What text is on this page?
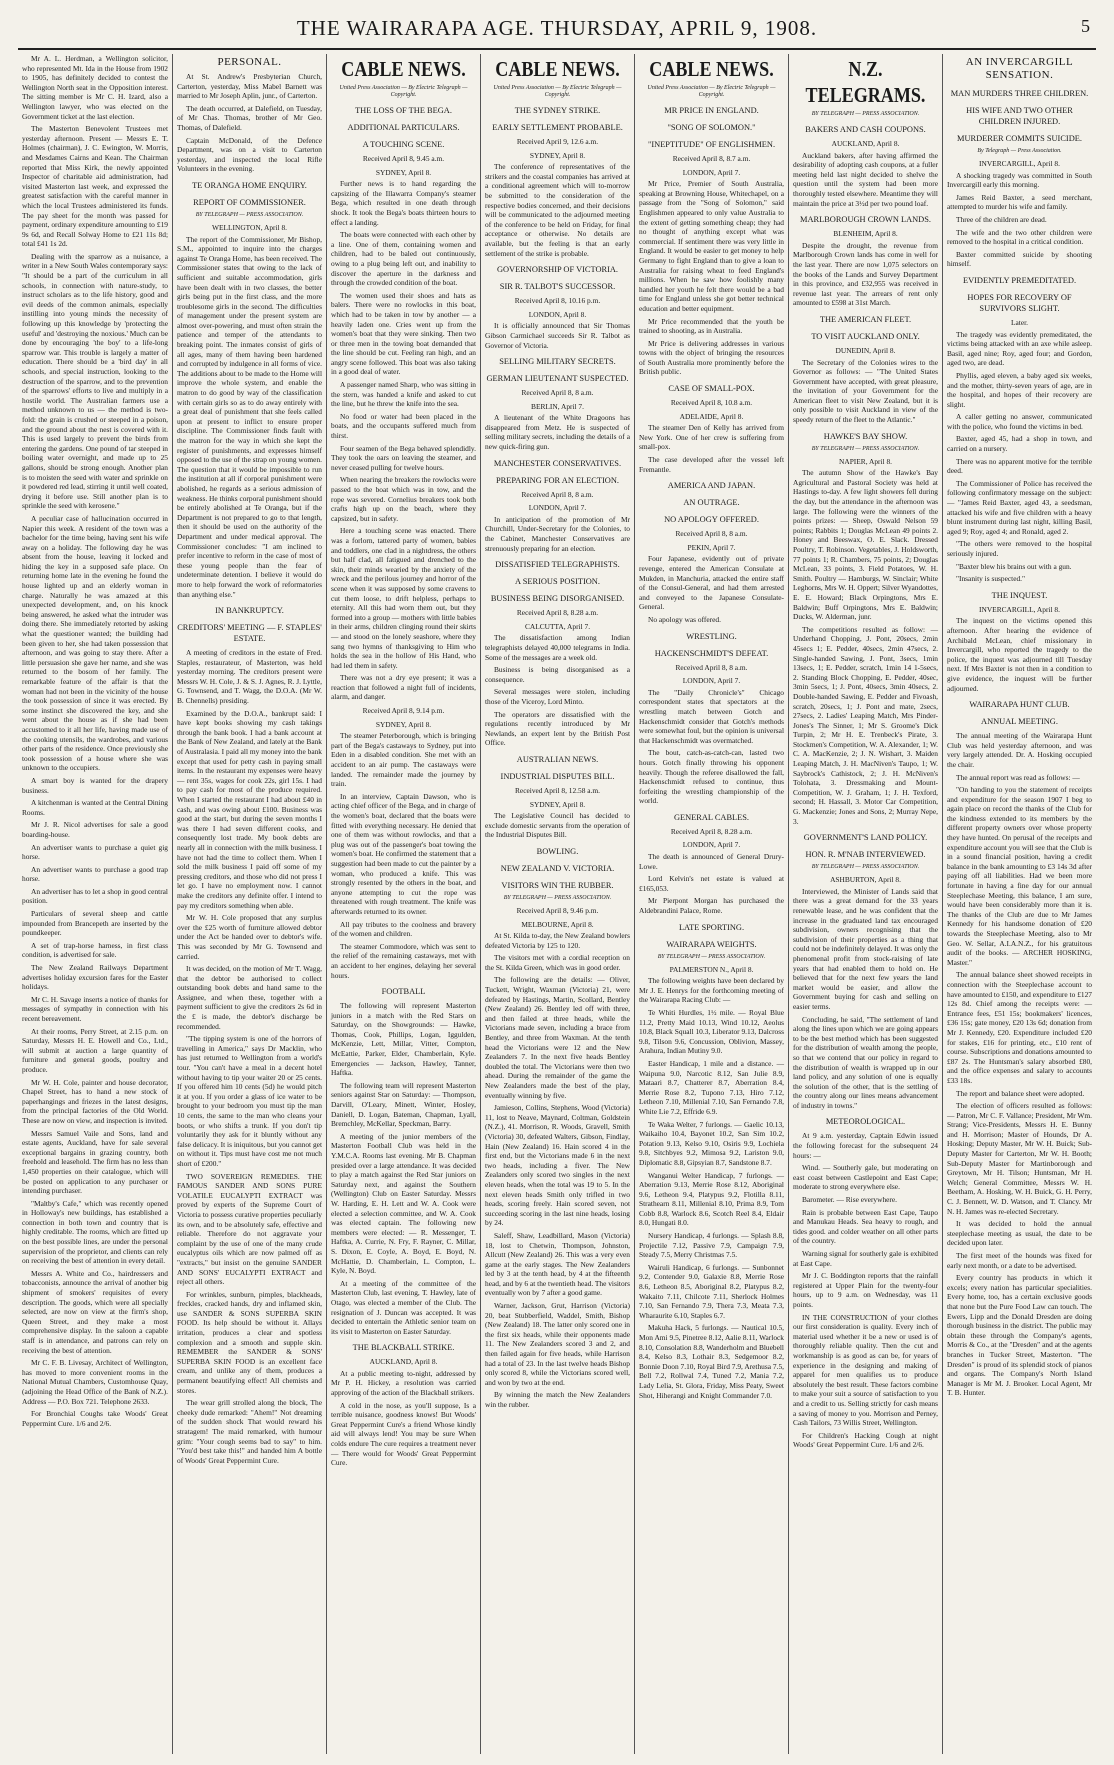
THE WAIRARAPA AGE. THURSDAY, APRIL 9, 1908.	5

Mr A. L. Herdman, a Wellington solicitor, who represented Mt. Ida in the House from 1902 to 1905, has definitely decided to contest the Wellington North seat in the Opposition interest. The sitting member is Mr C. H. Izard, also a Wellington lawyer, who was elected on the Government ticket at the last election.

The Masterton Benevolent Trustees met yesterday afternoon. Present — Messrs E. T. Holmes (chairman), J. C. Ewington, W. Morris, and Mesdames Cairns and Kean. The Chairman reported that Miss Kirk, the newly appointed Inspector of charitable aid administration, had visited Masterton last week, and expressed the greatest satisfaction with the careful manner in which the local Trustees administered its funds. The pay sheet for the month was passed for payment, ordinary expenditure amounting to £19 9s 6d, and Recall Solway Home to £21 11s 8d; total £41 1s 2d.

Dealing with the sparrow as a nuisance, a writer in a New South Wales contemporary says: "It should be a part of the curriculum in all schools, in connection with nature-study, to instruct scholars as to the life history, good and evil deeds of the common animals, especially instilling into young minds the necessity of following up this knowledge by 'protecting the useful' and 'destroying the noxious.' Much can be done by encouraging 'the boy' to a life-long sparrow war. This trouble is largely a matter of education. There should be a 'bird day' in all schools, and special instruction, looking to the destruction of the sparrow, and to the prevention of the sparrows' efforts to live and multiply in a hostile world. The Australian farmers use a method unknown to us — the method is two-fold: the grain is crushed or steeped in a poison, and the ground about the nest is covered with it. This is used largely to prevent the birds from entering the gardens. One pound of tar steeped in boiling water overnight, and made up to 25 gallons, should be strong enough. Another plan is to moisten the seed with water and sprinkle on it powdered red lead, stirring it until well coated, drying it before use. Still another plan is to sprinkle the seed with kerosene."

A peculiar case of hallucination occurred in Napier this week. A resident of the town was a bachelor for the time being, having sent his wife away on a holiday. The following day he was absent from the house, leaving it locked and hiding the key in a supposed safe place. On returning home late in the evening he found the house lighted up and an elderly woman in charge. Naturally he was amazed at this unexpected development, and, on his knock being answered, he asked what the intruder was doing there. She immediately retorted by asking what the questioner wanted; the building had been given to her, she had taken possession that afternoon, and was going to stay there. After a little persuasion she gave her name, and she was returned to the bosom of her family. The remarkable feature of the affair is that the woman had not been in the vicinity of the house the took possession of since it was erected. By some instinct she discovered the key, and she went about the house as if she had been accustomed to it all her life, having made use of the cooking utensils, the wardrobes, and various other parts of the residence. Once previously she took possession of a house where she was unknown to the occupiers.

A smart boy is wanted for the drapery business.

A kitchenman is wanted at the Central Dining Rooms.

Mr J. R. Nicol advertises for sale a good boarding-house.

An advertiser wants to purchase a quiet gig horse.

An advertiser wants to purchase a good trap horse.

An advertiser has to let a shop in good central position.

Particulars of several sheep and cattle impounded from Brancepeth are inserted by the poundkeeper.

A set of trap-horse harness, in first class condition, is advertised for sale.

The New Zealand Railways Department advertises holiday excursion fares for the Easter holidays.

Mr C. H. Savage inserts a notice of thanks for messages of sympathy in connection with his recent bereavement.

At their rooms, Perry Street, at 2.15 p.m. on Saturday, Messrs H. E. Howell and Co., Ltd., will submit at auction a large quantity of furniture and general goods, poultry and produce.

Mr W. H. Cole, painter and house decorator, Chapel Street, has to hand a new stock of paperhangings and friezes in the latest designs, from the principal factories of the Old World. These are now on view, and inspection is invited.

Messrs Samuel Vaile and Sons, land and estate agents, Auckland, have for sale several exceptional bargains in grazing country, both freehold and leasehold. The firm has no less than 1,450 properties on their catalogue, which will be posted on application to any purchaser or intending purchaser.

"Maltby's Cafe," which was recently opened in Holloway's new buildings, has established a connection in both town and country that is highly creditable. The rooms, which are fitted up on the best possible lines, are under the personal supervision of the proprietor, and clients can rely on receiving the best of attention in every detail.

Messrs A. White and Co., hairdressers and tobacconists, announce the arrival of another big shipment of smokers' requisites of every description. The goods, which were all specially selected, are now on view at the firm's shop, Queen Street, and they make a most comprehensive display. In the saloon a capable staff is in attendance, and patrons can rely on receiving the best of attention.

Mr C. F. B. Livesay, Architect of Wellington, has moved to more convenient rooms in the National Mutual Chambers, Customhouse Quay, (adjoining the Head Office of the Bank of N.Z.). Address — P.O. Box 721. Telephone 2633.

For Bronchial Coughs take Woods' Great Peppermint Cure. 1/6 and 2/6.

PERSONAL.

At St. Andrew's Presbyterian Church, Carterton, yesterday, Miss Mabel Barnett was married to Mr Joseph Aplin, junr., of Carterton.

The death occurred, at Dalefield, on Tuesday, of Mr Chas. Thomas, brother of Mr Geo. Thomas, of Dalefield.

Captain McDonald, of the Defence Department, was on a visit to Carterton yesterday, and inspected the local Rifle Volunteers in the evening.

TE ORANGA HOME ENQUIRY.
REPORT OF COMMISSIONER.
BY TELEGRAPH — PRESS ASSOCIATION.
WELLINGTON, April 8.

The report of the Commissioner, Mr Bishop, S.M., appointed to inquire into the charges against Te Oranga Home, has been received. The Commissioner states that owing to the lack of sufficient and suitable accommodation, girls have been dealt with in two classes, the better girls being put in the first class, and the more troublesome girls in the second. The difficulties of management under the present system are almost over-powering, and must often strain the patience and temper of the attendants to breaking point. The inmates consist of girls of all ages, many of them having been hardened and corrupted by indulgence in all forms of vice. The additions about to be made to the Home will improve the whole system, and enable the matron to do good by way of the classification with certain girls so as to do away entirely with a great deal of punishment that she feels called upon at present to inflict to ensure proper discipline. The Commissioner finds fault with the matron for the way in which she kept the register of punishments, and expresses himself opposed to the use of the strap on young women. The question that it would be impossible to run the institution at all if corporal punishment were abolished, he regards as a serious admission of weakness. He thinks corporal punishment should be entirely abolished at Te Oranga, but if the Department is not prepared to go to that length, then it should be used on the authority of the Department and under medical approval. The Commissioner concludes: "I am inclined to prefer incentive to reform in the case of most of these young people than the fear of undeterminate detention. I believe it would do more to help forward the work of reformatories than anything else."

IN BANKRUPTCY.
CREDITORS' MEETING — F. STAPLES' ESTATE.

A meeting of creditors in the estate of Fred. Staples, restaurateur, of Masterton, was held yesterday morning. The creditors present were Messrs W. H. Cole, J. & S. J. Agnes, R. J. Lyttle, G. Townsend, and T. Wagg, the D.O.A. (Mr W. B. Chennells) presiding.

Examined by the D.O.A., bankrupt said: I have kept books showing my cash takings through the bank book. I had a bank account at the Bank of New Zealand, and lately at the Bank of Australasia. I paid all my money into the bank except that used for petty cash in paying small items. In the restaurant my expenses were heavy — rent 35s, wages for cook 22s, girl 15s. I had to pay cash for most of the produce required. When I started the restaurant I had about £40 in cash, and was owing about £100. Business was good at the start, but during the seven months I was there I had seven different cooks, and consequently lost trade. My book debts are nearly all in connection with the milk business. I have not had the time to collect them. When I sold the milk business I paid off some of my pressing creditors, and those who did not press I let go. I have no employment now. I cannot make the creditors any definite offer. I intend to pay my creditors something when able.

Mr W. H. Cole proposed that any surplus over the £25 worth of furniture allowed debtor under the Act be handed over to debtor's wife. This was seconded by Mr G. Townsend and carried.

It was decided, on the motion of Mr T. Wagg, that the debtor be authorised to collect outstanding book debts and hand same to the Assignee, and when these, together with a payment sufficient to give the creditors 2s 6d in the £ is made, the debtor's discharge be recommended.

"The tipping system is one of the horrors of travelling in America," says Dr Macklin, who has just returned to Wellington from a world's tour. "You can't have a meal in a decent hotel without having to tip your waiter 20 or 25 cents. If you offered him 10 cents (5d) he would pitch it at you. If you order a glass of ice water to be brought to your bedroom you must tip the man 10 cents, the same to the man who cleans your boots, or who shifts a trunk. If you don't tip voluntarily they ask for it bluntly without any false delicacy. It is iniquitous, but you cannot get on without it. Tips must have cost me not much short of £200."

TWO SOVEREIGN REMEDIES. THE FAMOUS SANDER AND SONS PURE VOLATILE EUCALYPTI EXTRACT was proved by experts of the Supreme Court of Victoria to possess curative properties peculiarly its own, and to be absolutely safe, effective and reliable. Therefore do not aggravate your complaint by the use of one of the many crude eucalyptus oils which are now palmed off as "extracts," but insist on the genuine SANDER AND SONS' EUCALYPTI EXTRACT and reject all others.

For wrinkles, sunburn, pimples, blackheads, freckles, cracked hands, dry and inflamed skin, use SANDER & SONS SUPERBA SKIN FOOD. Its help should be without it. Allays irritation, produces a clear and spotless complexion and a smooth and supple skin. REMEMBER the SANDER & SONS' SUPERBA SKIN FOOD is an excellent face cream, and unlike any of them, produces a permanent beautifying effect! All chemists and stores.

The wear grill strolled along the block, The cheeky dude remarked: "Ahem!" Not dreaming of the sudden shock That would reward his stratagem! The maid remarked, with humour grim: "Your cough seems bad to say" to him. "You'd best take this!" and handed him A bottle of Woods' Great Peppermint Cure.

CABLE NEWS.
United Press Association — By Electric Telegraph — Copyright.
THE LOSS OF THE BEGA.
ADDITIONAL PARTICULARS.
A TOUCHING SCENE.
Received April 8, 9.45 a.m.
SYDNEY, April 8.

Further news is to hand regarding the capsizing of the Illawarra Company's steamer Bega, which resulted in one death through shock. It took the Bega's boats thirteen hours to effect a landing.

The boats were connected with each other by a line. One of them, containing women and children, had to be baled out continuously, owing to a plug being left out, and inability to discover the aperture in the darkness and through the crowded condition of the boat.

The women used their shoes and hats as balers. There were no rowlocks in this boat, which had to be taken in tow by another — a heavily laden one. Cries went up from the women's boat that they were sinking. Then two or three men in the towing boat demanded that the line should be cut. Feeling ran high, and an angry scene followed. This boat was also taking in a good deal of water.

A passenger named Sharp, who was sitting in the stern, was handed a knife and asked to cut the line, but he threw the knife into the sea.

No food or water had been placed in the boats, and the occupants suffered much from thirst.

Four seamen of the Bega behaved splendidly. They took the oars on leaving the steamer, and never ceased pulling for twelve hours.

When nearing the breakers the rowlocks were passed to the boat which was in tow, and the rope was severed. Cornelius breakers took both crafts high up on the beach, where they capsized, but in safety.

Here a touching scene was enacted. There was a forlorn, tattered party of women, babies and toddlers, one clad in a nightdress, the others but half clad, all fatigued and drenched to the skin, their minds wearied by the anxiety of the wreck and the perilous journey and horror of the scene when it was supposed by some cravens to cut them loose, to drift helpless, perhaps to eternity. All this had worn them out, but they formed into a group — mothers with little babies in their arms, children clinging round their skirts — and stood on the lonely seashore, where they sang two hymns of thanksgiving to Him who holds the sea in the hollow of His Hand, who had led them in safety.

There was not a dry eye present; it was a reaction that followed a night full of incidents, alarm, and danger.

Received April 8, 9.14 p.m.
SYDNEY, April 8.

The steamer Peterborough, which is bringing part of the Bega's castaways to Sydney, put into Eden in a disabled condition. She met with an accident to an air pump. The castaways were landed. The remainder made the journey by train.

In an interview, Captain Dawson, who is acting chief officer of the Bega, and in charge of the women's boat, declared that the boats were fitted with everything necessary. He denied that one of them was without rowlocks, and that a plug was out of the passenger's boat towing the women's boat. He confirmed the statement that a suggestion had been made to cut the painter by a woman, who produced a knife. This was strongly resented by the others in the boat, and anyone attempting to cut the rope was threatened with rough treatment. The knife was afterwards returned to its owner.

All pay tributes to the coolness and bravery of the women and children.

The steamer Commodore, which was sent to the relief of the remaining castaways, met with an accident to her engines, delaying her several hours.

FOOTBALL

The following will represent Masterton juniors in a match with the Red Stars on Saturday, on the Showgrounds: — Hawke, Thomas, Cook, Phillips, Logan, Iggulden, McKenzie, Lett, Millar, Vitter, Compton, McEattie, Parker, Elder, Chamberlain, Kyle. Emergencies — Jackson, Hawley, Tanner, Haftka.

The following team will represent Masterton seniors against Star on Saturday: — Thompson, Darvill, O'Leary, Minett, Winter, Hosley, Daniell, D. Logan, Bateman, Chapman, Lyall, Bremchley, McKellar, Speckman, Barry.

A meeting of the junior members of the Masterton Football Club was held in the Y.M.C.A. Rooms last evening. Mr B. Chapman presided over a large attendance. It was decided to play a match against the Red Star juniors on Saturday next, and against the Southern (Wellington) Club on Easter Saturday. Messrs W. Harding, E. H. Lett and W. A. Cook were elected a selection committee, and W. A. Cook was elected captain. The following new members were elected: — R. Messenger, T. Haftka, A. Currie, N. Fry, F. Rayner, C. Millar, S. Dixon, E. Coyle, A. Boyd, E. Boyd, N. McHattie, D. Chamberlain, L. Compton, L. Kyle, N. Boyd.

At a meeting of the committee of the Masterton Club, last evening, T. Hawley, late of Otago, was elected a member of the Club. The resignation of J. Duncan was accepted. It was decided to entertain the Athletic senior team on its visit to Masterton on Easter Saturday.

THE BLACKBALL STRIKE.
AUCKLAND, April 8.

At a public meeting to-night, addressed by Mr P. H. Hickey, a resolution was carried approving of the action of the Blackball strikers.

A cold in the nose, as you'll suppose, Is a terrible nuisance, goodness knows! But Woods' Great Peppermint Cure's a friend Whose kindly aid will always lend! You may be sure When colds endure The cure requires a treatment never — There would for Woods' Great Peppermint Cure.

CABLE NEWS.
United Press Association — By Electric Telegraph — Copyright.
THE SYDNEY STRIKE.
EARLY SETTLEMENT PROBABLE.
Received April 9, 12.6 a.m.
SYDNEY, April 8.

The conference of representatives of the strikers and the coastal companies has arrived at a conditional agreement which will to-morrow be submitted to the consideration of the respective bodies concerned, and their decisions will be communicated to the adjourned meeting of the conference to be held on Friday, for final acceptance or otherwise. No details are available, but the feeling is that an early settlement of the strike is probable.

GOVERNORSHIP OF VICTORIA.
SIR R. TALBOT'S SUCCESSOR.
Received April 8, 10.16 p.m.
LONDON, April 8.

It is officially announced that Sir Thomas Gibson Carmichael succeeds Sir R. Talbot as Governor of Victoria.

SELLING MILITARY SECRETS.
GERMAN LIEUTENANT SUSPECTED.
Received April 8, 8 a.m.
BERLIN, April 7.

A lieutenant of the White Dragoons has disappeared from Metz. He is suspected of selling military secrets, including the details of a new quick-firing gun.

MANCHESTER CONSERVATIVES.
PREPARING FOR AN ELECTION.
Received April 8, 8 a.m.
LONDON, April 7.

In anticipation of the promotion of Mr Churchill, Under-Secretary for the Colonies, to the Cabinet, Manchester Conservatives are strenuously preparing for an election.

DISSATISFIED TELEGRAPHISTS.
A SERIOUS POSITION.
BUSINESS BEING DISORGANISED.
Received April 8, 8.28 a.m.
CALCUTTA, April 7.

The dissatisfaction among Indian telegraphists delayed 40,000 telegrams in India. Some of the messages are a week old.

Business is being disorganised as a consequence.

Several messages were stolen, including those of the Viceroy, Lord Minto.

The operators are dissatisfied with the regulations recently introduced by Mr Newlands, an expert lent by the British Post Office.

AUSTRALIAN NEWS.
INDUSTRIAL DISPUTES BILL.
Received April 8, 12.58 a.m.
SYDNEY, April 8.

The Legislative Council has decided to exclude domestic servants from the operation of the Industrial Disputes Bill.

BOWLING.
NEW ZEALAND V. VICTORIA.
VISITORS WIN THE RUBBER.
BY TELEGRAPH — PRESS ASSOCIATION.
Received April 8, 9.46 p.m.
MELBOURNE, April 8.

At St. Kilda to-day, the New Zealand bowlers defeated Victoria by 125 to 120.

The visitors met with a cordial reception on the St. Kilda Green, which was in good order.

The following are the details: — Oliver, Tuckett, Wright, Waxman (Victoria) 21, were defeated by Hastings, Martin, Scollard, Bentley (New Zealand) 26. Bentley led off with three, and then failed at three heads, while the Victorians made seven, including a brace from Bentley, and three from Waxman. At the tenth head the Victorians were 12 and the New Zealanders 7. In the next five heads Bentley doubled the total. The Victorians were then two ahead. During the remainder of the game the New Zealanders made the best of the play, eventually winning by five.

Jamieson, Collins, Stephens, Wood (Victoria) 11, lost to Neave, Maynard, Coltman, Goldstein (N.Z.), 41. Morrison, R. Woods, Gravell, Smith (Victoria) 30, defeated Walters, Gibson, Findlay, Hain (New Zealand) 16. Hain scored 4 in the first end, but the Victorians made 6 in the next two heads, including a fiver. The New Zealanders only scored two singles in the next eleven heads, when the total was 19 to 5. In the next eleven heads Smith only trifled in two heads, scoring freely. Hain scored seven, not succeeding scoring in the last nine heads, losing by 24.

Saleff, Shaw, Leadbillard, Mason (Victoria) 18, lost to Chetwin, Thompson, Johnston, Allcutt (New Zealand) 26. This was a very even game at the early stages. The New Zealanders led by 3 at the tenth head, by 4 at the fifteenth head, and by 6 at the twentieth head. The visitors eventually won by 7 after a good game.

Warner, Jackson, Grut, Harrison (Victoria) 20, beat Stubberfield, Waddel, Smith, Bishop (New Zealand) 18. The latter only scored one in the first six heads, while their opponents made 11. The New Zealanders scored 3 and 2, and then failed again for five heads, while Harrison had a total of 23. In the last twelve heads Bishop only scored 8, while the Victorians scored well, and won by two at the end.

By winning the match the New Zealanders win the rubber.

CABLE NEWS.
United Press Association — By Electric Telegraph — Copyright.
MR PRICE IN ENGLAND.
"SONG OF SOLOMON."
"INEPTITUDE" OF ENGLISHMEN.
Received April 8, 8.7 a.m.
LONDON, April 7.

Mr Price, Premier of South Australia, speaking at Browning House, Whitechapel, on a passage from the "Song of Solomon," said Englishmen appeared to only value Australia to the extent of getting something cheap; they had no thought of anything except what was commercial. If sentiment there was very little in England. It would be easier to get money to help Germany to fight England than to give a loan to Australia for raising wheat to feed England's millions. When he saw how foolishly many handled her youth he felt there would be a bad time for England unless she got better technical education and better equipment.

Mr Price recommended that the youth be trained to shooting, as in Australia.

Mr Price is delivering addresses in various towns with the object of bringing the resources of South Australia more prominently before the British public.

CASE OF SMALL-POX.
Received April 8, 10.8 a.m.
ADELAIDE, April 8.

The steamer Den of Kelly has arrived from New York. One of her crew is suffering from small-pox.

The case developed after the vessel left Fremantle.

AMERICA AND JAPAN.
AN OUTRAGE.
NO APOLOGY OFFERED.
Received April 8, 8 a.m.
PEKIN, April 7.

Four Japanese, evidently out of private revenge, entered the American Consulate at Mukden, in Manchuria, attacked the entire staff of the Consul-General, and had them arrested and conveyed to the Japanese Consulate-General.

No apology was offered.

WRESTLING.
HACKENSCHMIDT'S DEFEAT.
Received April 8, 8 a.m.
LONDON, April 7.

The "Daily Chronicle's" Chicago correspondent states that spectators at the wrestling match between Gotch and Hackenschmidt consider that Gotch's methods were somewhat foul, but the opinion is universal that Hackenschmidt was overmatched.

The bout, catch-as-catch-can, lasted two hours. Gotch finally throwing his opponent heavily. Though the referee disallowed the fall, Hackenschmidt refused to continue, thus forfeiting the wrestling championship of the world.

GENERAL CABLES.
Received April 8, 8.28 a.m.
LONDON, April 7.

The death is announced of General Drury-Lowe.

Lord Kelvin's net estate is valued at £165,053.

Mr Pierpont Morgan has purchased the Aldebrandini Palace, Rome.

LATE SPORTING.
WAIRARAPA WEIGHTS.
BY TELEGRAPH — PRESS ASSOCIATION.
PALMERSTON N., April 8.

The following weights have been declared by Mr J. E. Henrys for the forthcoming meeting of the Wairarapa Racing Club: —

Te Whiti Hurdles, 1½ mile. — Royal Blue 11.2, Pretty Maid 10.13, Wind 10.12, Aeolus 10.8, Black Squall 10.3, Liberator 9.13, Dalcross 9.8, Tilson 9.6, Concussion, Oblivion, Massey, Arahura, Indian Mutiny 9.0.

Easter Handicap, 1 mile and a distance. — Waipuna 9.0, Narcotic 8.12, San Julie 8.9, Mataari 8.7, Chatterer 8.7, Aberration 8.4, Merrie Rose 8.2, Tupono 7.13, Hiro 7.12, Letheon 7.10, Millenial 7.10, San Fernando 7.8, White Lie 7.2, Effride 6.9.

Te Waka Welter, 7 furlongs. — Gaelic 10.13, Waikaiho 10.4, Bayonet 10.2, San Sim 10.2, Potation 9.13, Kelso 9.10, Osiris 9.9, Lochiela 9.8, Sitchbyes 9.2, Mimosa 9.2, Lariston 9.0, Diplomatic 8.8, Gipsyian 8.7, Sandstone 8.7.

Wanganui Welter Handicap, 7 furlongs. — Aberration 9.13, Merrie Rose 8.12, Aboriginal 9.6, Letheon 9.4, Platypus 9.2, Flotilla 8.11, Strathearn 8.11, Millenial 8.10, Prima 8.9, Tom Cobb 8.8, Warlock 8.6, Scotch Reel 8.4, Eldair 8.0, Hungati 8.0.

Nursery Handicap, 4 furlongs. — Splash 8.8, Projectile 7.12, Passive 7.9, Campaign 7.9, Steady 7.5, Merry Christmas 7.5.

Wairuli Handicap, 6 furlongs. — Sunbonnet 9.2, Contender 9.0, Galaxie 8.8, Merrie Rose 8.6, Letheon 8.5, Aboriginal 8.2, Platypus 8.2, Wakaito 7.11, Chilcote 7.11, Sherlock Holmes 7.10, San Fernando 7.9, Thera 7.3, Meata 7.3, Wharaurite 6.10, Staples 6.7.

Makuha Hack, 5 furlongs. — Nautical 10.5, Mon Ami 9.5, Pinetree 8.12, Aalie 8.11, Warlock 8.10, Consolation 8.8, Wanderholm and Bluebell 8.4, Kelso 8.3, Lothair 8.3, Sedgemoor 8.2, Bonnie Doon 7.10, Royal Bird 7.9, Arethusa 7.5, Bell 7.2, Rollwal 7.4, Tuned 7.2, Mania 7.2, Lady Lelia, St. Glora, Friday, Miss Peaty, Sweet Shot, Hiherangi and Knight Commander 7.0.

N.Z. TELEGRAMS.
BY TELEGRAPH — PRESS ASSOCIATION.
BAKERS AND CASH COUPONS.
AUCKLAND, April 8.

Auckland bakers, after having affirmed the desirability of adopting cash coupons, at a fuller meeting held last night decided to shelve the question until the system had been more thoroughly tested elsewhere. Meantime they will maintain the price at 3½d per two pound loaf.

MARLBOROUGH CROWN LANDS.
BLENHEIM, April 8.

Despite the drought, the revenue from Marlborough Crown lands has come in well for the last year. There are now 1,075 selectors on the books of the Lands and Survey Department in this province, and £32,955 was received in revenue last year. The arrears of rent only amounted to £598 at 31st March.

THE AMERICAN FLEET.
TO VISIT AUCKLAND ONLY.
DUNEDIN, April 8.

The Secretary of the Colonies wires to the Governor as follows: — "The United States Government have accepted, with great pleasure, the invitation of your Government for the American fleet to visit New Zealand, but it is only possible to visit Auckland in view of the speedy return of the fleet to the Atlantic."

HAWKE'S BAY SHOW.
BY TELEGRAPH — PRESS ASSOCIATION.
NAPIER, April 8.

The autumn Show of the Hawke's Bay Agricultural and Pastoral Society was held at Hastings to-day. A few light showers fell during the day, but the attendance in the afternoon was large. The following were the winners of the points prizes: — Sheep, Oswald Nelson 59 points; Rabbits 1; Douglas McLean 49 points 2. Honey and Beeswax, O. E. Slack. Dressed Poultry, T. Robinson. Vegetables, J. Holdsworth, 77 points 1; R. Chambers, 75 points, 2; Douglas McLean, 33 points, 3. Field Potatoes, W. H. Smith. Poultry — Hamburgs, W. Sinclair; White Leghorns, Mrs W. H. Oppert; Silver Wyandottes, E. E. Howard; Black Orpingtons, Mrs E. Baldwin; Buff Orpingtons, Mrs E. Baldwin; Ducks, W. Alderman, junr.

The competitions resulted as follow: — Underhand Chopping, J. Pont, 20secs, 2min 45secs 1; E. Pedder, 40secs, 2min 47secs, 2. Single-handed Sawing, J. Pont, 3secs, 1min 13secs, 1; E. Pedder, scratch, 1min 14 1-5secs, 2. Standing Block Chopping, E. Pedder, 40sec, 3min 5secs, 1; J. Pont, 40secs, 3min 40secs, 2. Double-handed Sawing, E. Pedder and Fivoash, scratch, 20secs, 1; J. Pont and mate, 2secs, 27secs, 2. Ladies' Leaping Match, Mrs Pinder-Jones's The Sinner, 1; Mr S. Groome's Dick Turpin, 2; Mr H. E. Trenbeck's Pirate, 3. Stockmen's Competition, W. A. Alexander, 1; W. C. A. MacKenzie, 2; J. N. Wishart, 3. Maiden Leaping Match, J. H. MacNiven's Taupo, 1; W. Saybrock's Cathistock, 2; J. H. McNiven's Tolohata, 3. Dressmaking and Mount-Competition, W. J. Graham, 1; J. H. Texford, second; H. Hassall, 3. Motor Car Competition, G. Mackenzie; Jones and Sons, 2; Murray Nepe, 3.

GOVERNMENT'S LAND POLICY.
HON. R. M'NAB INTERVIEWED.
BY TELEGRAPH — PRESS ASSOCIATION.
ASHBURTON, April 8.

Interviewed, the Minister of Lands said that there was a great demand for the 33 years renewable lease, and he was confident that the increase in the graduated land tax encouraged subdivision, owners recognising that the subdivision of their properties as a thing that could not be indefinitely delayed. It was only the phenomenal profit from stock-raising of late years that had enabled them to hold on. He believed that for the next few years the land market would be easier, and allow the Government buying for cash and selling on easier terms.

Concluding, he said, "The settlement of land along the lines upon which we are going appears to be the best method which has been suggested for the distribution of wealth among the people, so that we contend that our policy in regard to the distribution of wealth is wrapped up in our land policy, and any solution of one is equally the solution of the other, that is the settling of the country along our lines means advancement of industry in towns."

METEOROLOGICAL.

At 9 a.m. yesterday, Captain Edwin issued the following forecast for the subsequent 24 hours: —

Wind. — Southerly gale, but moderating on east coast between Castlepoint and East Cape; moderate to strong everywhere else.

Barometer. — Rise everywhere.

Rain is probable between East Cape, Taupo and Manukau Heads. Sea heavy to rough, and tides good. and colder weather on all other parts of the country.

Warning signal for southerly gale is exhibited at East Cape.

Mr J. C. Boddington reports that the rainfall registered at Upper Plain for the twenty-four hours, up to 9 a.m. on Wednesday, was 11 points.

IN THE CONSTRUCTION of your clothes our first consideration is quality. Every inch of material used whether it be a new or used is of thoroughly reliable quality. Then the cut and workmanship is as good as can be, for years of experience in the designing and making of apparel for men qualifies us to produce absolutely the best result. These factors combine to make your suit a source of satisfaction to you and a credit to us. Selling strictly for cash means a saving of money to you. Morrison and Perney, Cash Tailors, 73 Willis Street, Wellington.

For Children's Hacking Cough at night Woods' Great Peppermint Cure. 1/6 and 2/6.

AN INVERCARGILL SENSATION.
MAN MURDERS THREE CHILDREN.
HIS WIFE AND TWO OTHER CHILDREN INJURED.
MURDERER COMMITS SUICIDE.
By Telegraph — Press Association.
INVERCARGILL, April 8.

A shocking tragedy was committed in South Invercargill early this morning.

James Reid Baxter, a seed merchant, attempted to murder his wife and family.

Three of the children are dead.

The wife and the two other children were removed to the hospital in a critical condition.

Baxter committed suicide by shooting himself.

EVIDENTLY PREMEDITATED.
HOPES FOR RECOVERY OF SURVIVORS SLIGHT.
Later.

The tragedy was evidently premeditated, the victims being attacked with an axe while asleep. Basil, aged nine; Roy, aged four; and Gordon, aged two, are dead.

Phyllis, aged eleven, a baby aged six weeks, and the mother, thirty-seven years of age, are in the hospital, and hopes of their recovery are slight.

A caller getting no answer, communicated with the police, who found the victims in bed.

Baxter, aged 45, had a shop in town, and carried on a nursery.

There was no apparent motive for the terrible deed.

The Commissioner of Police has received the following confirmatory message on the subject: — "James Reid Baxter, aged 43, a seedsman, attacked his wife and five children with a heavy blunt instrument during last night, killing Basil, aged 9; Roy, aged 4; and Ronald, aged 2.

"The others were removed to the hospital seriously injured.

"Baxter blew his brains out with a gun.

"Insanity is suspected."

THE INQUEST.
INVERCARGILL, April 8.

The inquest on the victims opened this afternoon. After hearing the evidence of Archibald McLean, chief missionary in Invercargill, who reported the tragedy to the police, the inquest was adjourned till Tuesday next. If Mrs Baxter is not then in a condition to give evidence, the inquest will be further adjourned.

WAIRARAPA HUNT CLUB.
ANNUAL MEETING.

The annual meeting of the Wairarapa Hunt Club was held yesterday afternoon, and was very largely attended. Dr. A. Hosking occupied the chair.

The annual report was read as follows: —

"On handing to you the statement of receipts and expenditure for the season 1907 I beg to again place on record the thanks of the Club for the kindness extended to its members by the different property owners over whose property they have hunted. On perusal of the receipts and expenditure account you will see that the Club is in a sound financial position, having a credit balance in the bank amounting to £3 14s 3d after paying off all liabilities. Had we been more fortunate in having a fine day for our annual Steeplechase Meeting, this balance, I am sure, would have been considerably more than it is. The thanks of the Club are due to Mr James Kennedy for his handsome donation of £20 towards the Steeplechase Meeting, also to Mr Geo. W. Sellar, A.I.A.N.Z., for his gratuitous audit of the books. — ARCHER HOSKING, Master."

The annual balance sheet showed receipts in connection with the Steeplechase account to have amounted to £150, and expenditure to £127 12s 8d. Chief among the receipts were: — Entrance fees, £51 15s; bookmakers' licences, £36 15s; gate money, £20 13s 6d; donation from Mr J. Kennedy, £20. Expenditure included £20 for stakes, £16 for printing, etc., £10 rent of course. Subscriptions and donations amounted to £87 2s. The Huntsman's salary absorbed £80, and the office expenses and salary to accounts £33 18s.

The report and balance sheet were adopted.

The election of officers resulted as follows: — Patron, Mr C. F. Vallance; President, Mr Wm. Strang; Vice-Presidents, Messrs H. E. Bunny and H. Morrison; Master of Hounds, Dr A. Hosking; Deputy Master, Mr W. H. Buick; Sub-Deputy Master for Carterton, Mr W. H. Booth; Sub-Deputy Master for Martinborough and Greytown, Mr H. Tilson; Huntsman, Mr H. Welch; General Committee, Messrs W. H. Beetham, A. Hosking, W. H. Buick, G. H. Perry, C. J. Bennett, W. D. Watson, and T. Clancy. Mr N. H. James was re-elected Secretary.

It was decided to hold the annual steeplechase meeting as usual, the date to be decided upon later.

The first meet of the hounds was fixed for early next month, or a date to be advertised.

Every country has products in which it excels; every nation has particular specialities. Every home, too, has a certain exclusive goods that none but the Pure Food Law can touch. The Ewers, Lipp and the Donald Dresden are doing thorough business in the district. The public may obtain these through the Company's agents, Morris & Co., at the "Dresden" and at the agents branches in Tucker Street, Masterton. "The Dresden" is proud of its splendid stock of pianos and organs. The Company's North Island Manager is Mr M. J. Brooker. Local Agent, Mr T. B. Hunter.
